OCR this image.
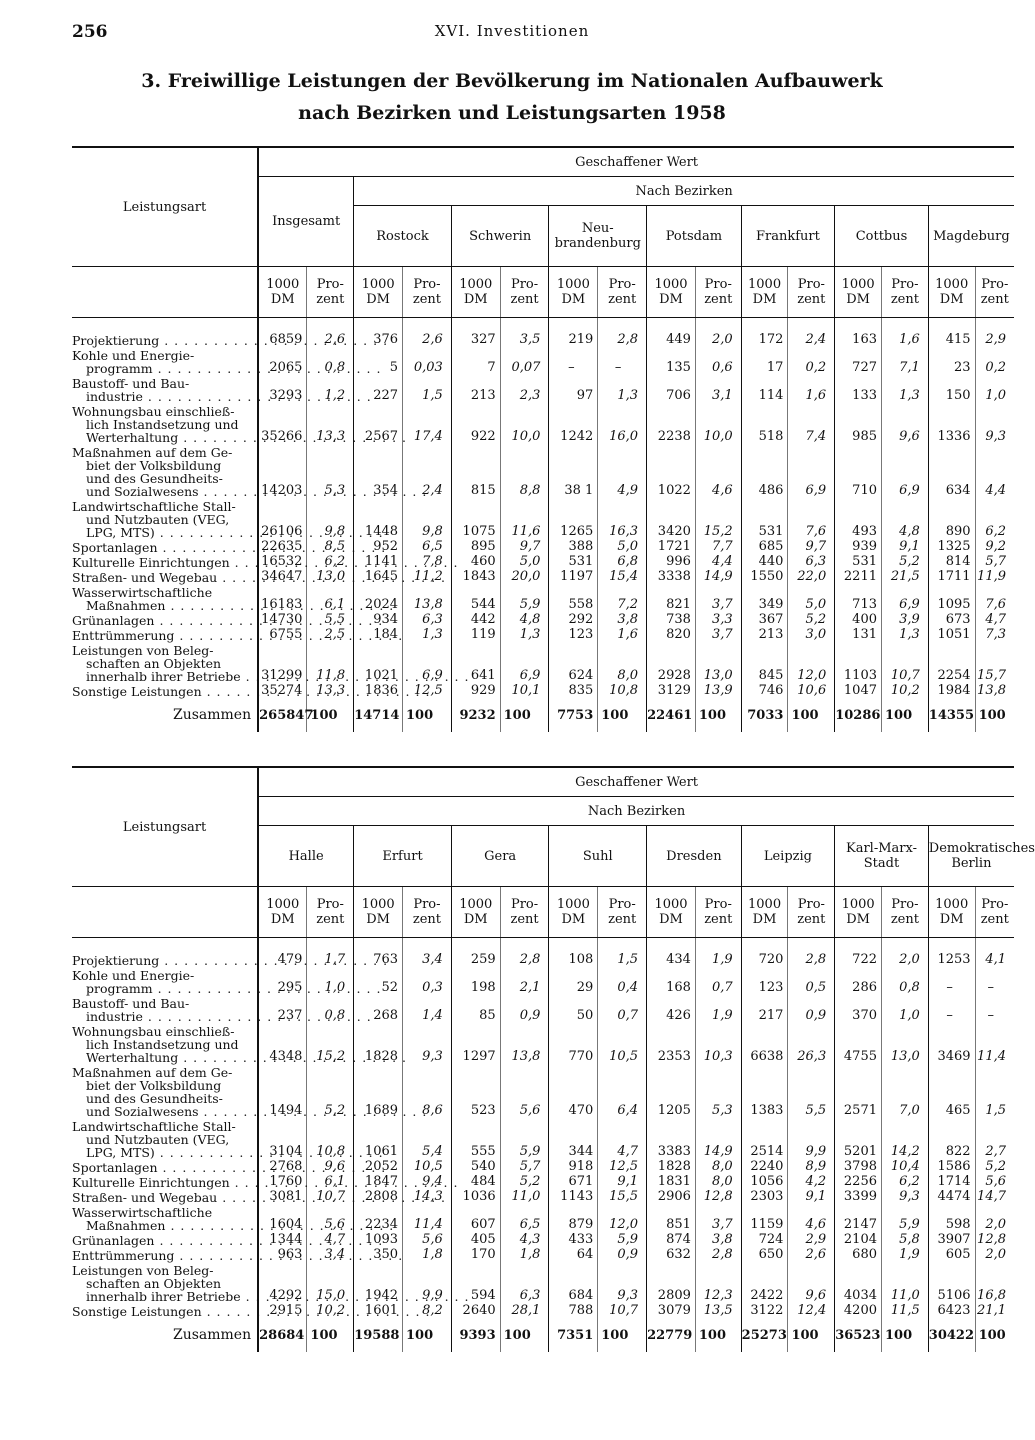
256	XVI. Investitionen
3. Freiwillige Leistungen der Bevölkerung im Nationalen Aufbauwerk
nach Bezirken und Leistungsarten 1958
Leistungsart	Geschaffener Wert															
	Insgesamt		Nach Bezirken													
			Rostock		Schwerin		Neu-brandenburg		Potsdam		Frankfurt		Cottbus		Magdeburg	
	1000 DM	Pro-zent	1000 DM	Pro-zent	1000 DM	Pro-zent	1000 DM	Pro-zent	1000 DM	Pro-zent	1000 DM	Pro-zent	1000 DM	Pro-zent	1000 DM	Pro-zent

Projektierung . . .	6859	2,6	376	2,6	327	3,5	219	2,8	449	2,0	172	2,4	163	1,6	415	2,9

Kohle und Energie-
programm . . .	2065	0,8	5	0,03	7	0,07	–	–	135	0,6	17	0,2	727	7,1	23	0,2

Baustoff- und Bau-
industrie . . .	3293	1,2	227	1,5	213	2,3	97	1,3	706	3,1	114	1,6	133	1,3	150	1,0

Wohnungsbau einschließ-
lich Instandsetzung und
Werterhaltung . . .	35266	13,3	2567	17,4	922	10,0	1242	16,0	2238	10,0	518	7,4	985	9,6	1336	9,3

Maßnahmen auf dem Ge-
biet der Volksbildung
und des Gesundheits-
und Sozialwesens . . .	14203	5,3	354	2,4	815	8,8	38 1	4,9	1022	4,6	486	6,9	710	6,9	634	4,4

Landwirtschaftliche Stall-
und Nutzbauten (VEG,
LPG, MTS) . . .	26106	9,8	1448	9,8	1075	11,6	1265	16,3	3420	15,2	531	7,6	493	4,8	890	6,2

Sportanlagen . . .	22635	8,5	952	6,5	895	9,7	388	5,0	1721	7,7	685	9,7	939	9,1	1325	9,2

Kulturelle Einrichtungen . . .	16532	6,2	1141	7,8	460	5,0	531	6,8	996	4,4	440	6,3	531	5,2	814	5,7

Straßen- und Wegebau . . .	34647	13,0	1645	11,2	1843	20,0	1197	15,4	3338	14,9	1550	22,0	2211	21,5	1711	11,9

Wasserwirtschaftliche
Maßnahmen . . .	16183	6,1	2024	13,8	544	5,9	558	7,2	821	3,7	349	5,0	713	6,9	1095	7,6

Grünanlagen . . .	14730	5,5	934	6,3	442	4,8	292	3,8	738	3,3	367	5,2	400	3,9	673	4,7

Enttrümmerung . . .	6755	2,5	184	1,3	119	1,3	123	1,6	820	3,7	213	3,0	131	1,3	1051	7,3

Leistungen von Beleg-
schaften an Objekten
innerhalb ihrer Betriebe . . .	31299	11,8	1021	6,9	641	6,9	624	8,0	2928	13,0	845	12,0	1103	10,7	2254	15,7

Sonstige Leistungen . . .	35274	13,3	1836	12,5	929	10,1	835	10,8	3129	13,9	746	10,6	1047	10,2	1984	13,8
Zusammen	265847	100	14714	100	9232	100	7753	100	22461	100	7033	100	10286	100	14355	100
Leistungsart	Geschaffener Wert															
	Nach Bezirken															
	Halle		Erfurt		Gera		Suhl		Dresden		Leipzig		Karl-Marx-Stadt		Demokratisches Berlin	
	1000 DM	Pro-zent	1000 DM	Pro-zent	1000 DM	Pro-zent	1000 DM	Pro-zent	1000 DM	Pro-zent	1000 DM	Pro-zent	1000 DM	Pro-zent	1000 DM	Pro-zent

Projektierung . . .	479	1,7	763	3,4	259	2,8	108	1,5	434	1,9	720	2,8	722	2,0	1253	4,1

Kohle und Energie-
programm . . .	295	1,0	52	0,3	198	2,1	29	0,4	168	0,7	123	0,5	286	0,8	–	–

Baustoff- und Bau-
industrie . . .	237	0,8	268	1,4	85	0,9	50	0,7	426	1,9	217	0,9	370	1,0	–	–

Wohnungsbau einschließ-
lich Instandsetzung und
Werterhaltung . . .	4348	15,2	1828	9,3	1297	13,8	770	10,5	2353	10,3	6638	26,3	4755	13,0	3469	11,4

Maßnahmen auf dem Ge-
biet der Volksbildung
und des Gesundheits-
und Sozialwesens . . .	1494	5,2	1689	8,6	523	5,6	470	6,4	1205	5,3	1383	5,5	2571	7,0	465	1,5

Landwirtschaftliche Stall-
und Nutzbauten (VEG,
LPG, MTS) . . .	3104	10,8	1061	5,4	555	5,9	344	4,7	3383	14,9	2514	9,9	5201	14,2	822	2,7

Sportanlagen . . .	2768	9,6	2052	10,5	540	5,7	918	12,5	1828	8,0	2240	8,9	3798	10,4	1586	5,2

Kulturelle Einrichtungen . . .	1760	6,1	1847	9,4	484	5,2	671	9,1	1831	8,0	1056	4,2	2256	6,2	1714	5,6

Straßen- und Wegebau . . .	3081	10,7	2808	14,3	1036	11,0	1143	15,5	2906	12,8	2303	9,1	3399	9,3	4474	14,7

Wasserwirtschaftliche
Maßnahmen . . .	1604	5,6	2234	11,4	607	6,5	879	12,0	851	3,7	1159	4,6	2147	5,9	598	2,0

Grünanlagen . . .	1344	4,7	1093	5,6	405	4,3	433	5,9	874	3,8	724	2,9	2104	5,8	3907	12,8

Enttrümmerung . . .	963	3,4	350	1,8	170	1,8	64	0,9	632	2,8	650	2,6	680	1,9	605	2,0

Leistungen von Beleg-
schaften an Objekten
innerhalb ihrer Betriebe . . .	4292	15,0	1942	9,9	594	6,3	684	9,3	2809	12,3	2422	9,6	4034	11,0	5106	16,8

Sonstige Leistungen . . .	2915	10,2	1601	8,2	2640	28,1	788	10,7	3079	13,5	3122	12,4	4200	11,5	6423	21,1
Zusammen	28684	100	19588	100	9393	100	7351	100	22779	100	25273	100	36523	100	30422	100
